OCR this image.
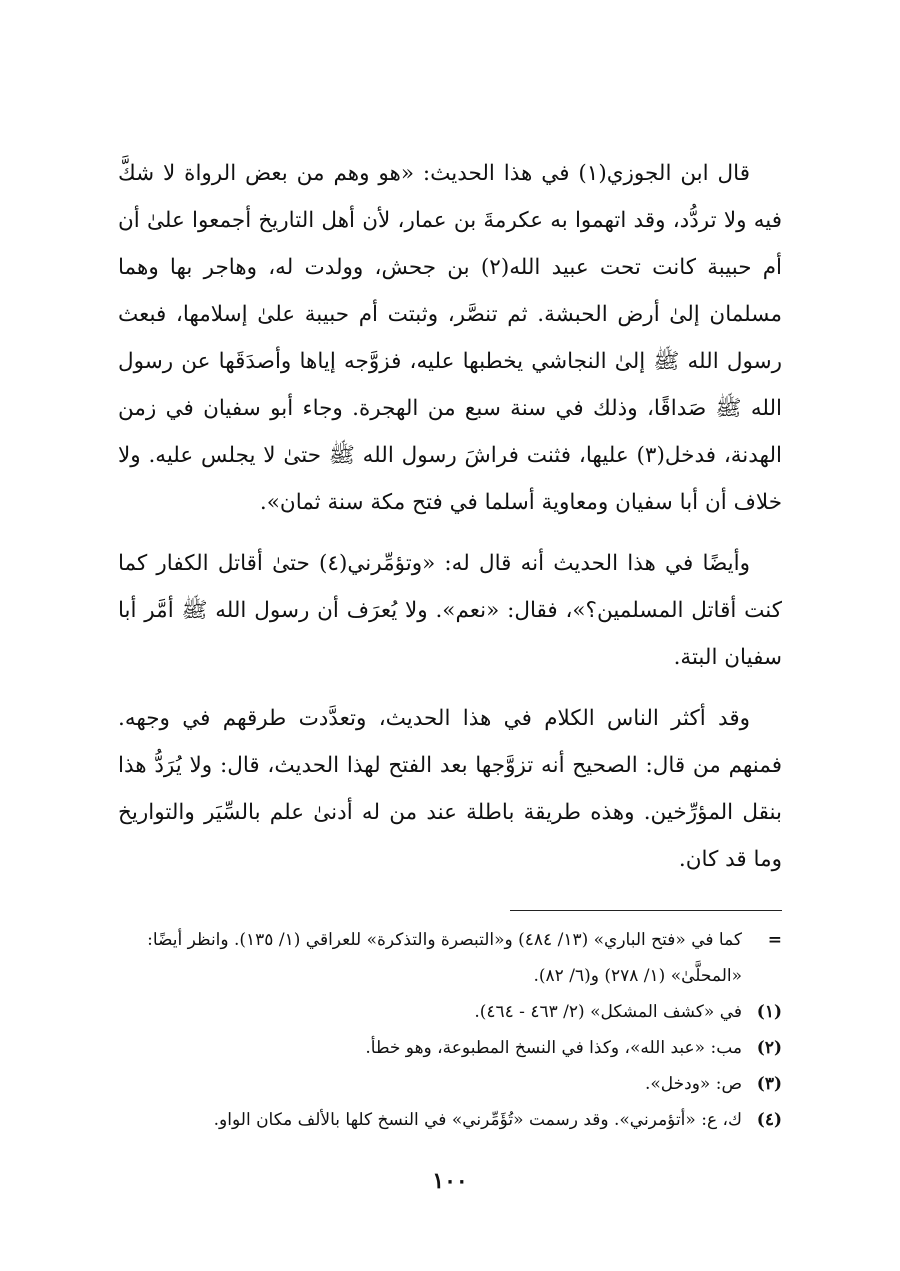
قال ابن الجوزي(١) في هذا الحديث: «هو وهم من بعض الرواة لا شكَّ فيه ولا تردُّد، وقد اتهموا به عكرمةَ بن عمار، لأن أهل التاريخ أجمعوا علىٰ أن أم حبيبة كانت تحت عبيد الله(٢) بن جحش، وولدت له، وهاجر بها وهما مسلمان إلىٰ أرض الحبشة. ثم تنصَّر، وثبتت أم حبيبة علىٰ إسلامها، فبعث رسول الله ﷺ إلىٰ النجاشي يخطبها عليه، فزوَّجه إياها وأصدَقَها عن رسول الله ﷺ صَداقًا، وذلك في سنة سبع من الهجرة. وجاء أبو سفيان في زمن الهدنة، فدخل(٣) عليها، فثنت فراشَ رسول الله ﷺ حتىٰ لا يجلس عليه. ولا خلاف أن أبا سفيان ومعاوية أسلما في فتح مكة سنة ثمان».

وأيضًا في هذا الحديث أنه قال له: «وتؤمِّرني(٤) حتىٰ أقاتل الكفار كما كنت أقاتل المسلمين؟»، فقال: «نعم». ولا يُعرَف أن رسول الله ﷺ أمَّر أبا سفيان البتة.

وقد أكثر الناس الكلام في هذا الحديث، وتعدَّدت طرقهم في وجهه. فمنهم من قال: الصحيح أنه تزوَّجها بعد الفتح لهذا الحديث، قال: ولا يُرَدُّ هذا بنقل المؤرِّخين. وهذه طريقة باطلة عند من له أدنىٰ علم بالسِّيَر والتواريخ وما قد كان.

=
كما في «فتح الباري» (١٣/ ٤٨٤) و«التبصرة والتذكرة» للعراقي (١/ ١٣٥). وانظر أيضًا: «المحلَّىٰ» (١/ ٢٧٨) و(٦/ ٨٢).
(١)
في «كشف المشكل» (٢/ ٤٦٣ - ٤٦٤).
(٢)
مب: «عبد الله»، وكذا في النسخ المطبوعة، وهو خطأ.
(٣)
ص: «ودخل».
(٤)
ك، ع: «أتؤمرني». وقد رسمت «تُؤَمِّرني» في النسخ كلها بالألف مكان الواو.
١٠٠
